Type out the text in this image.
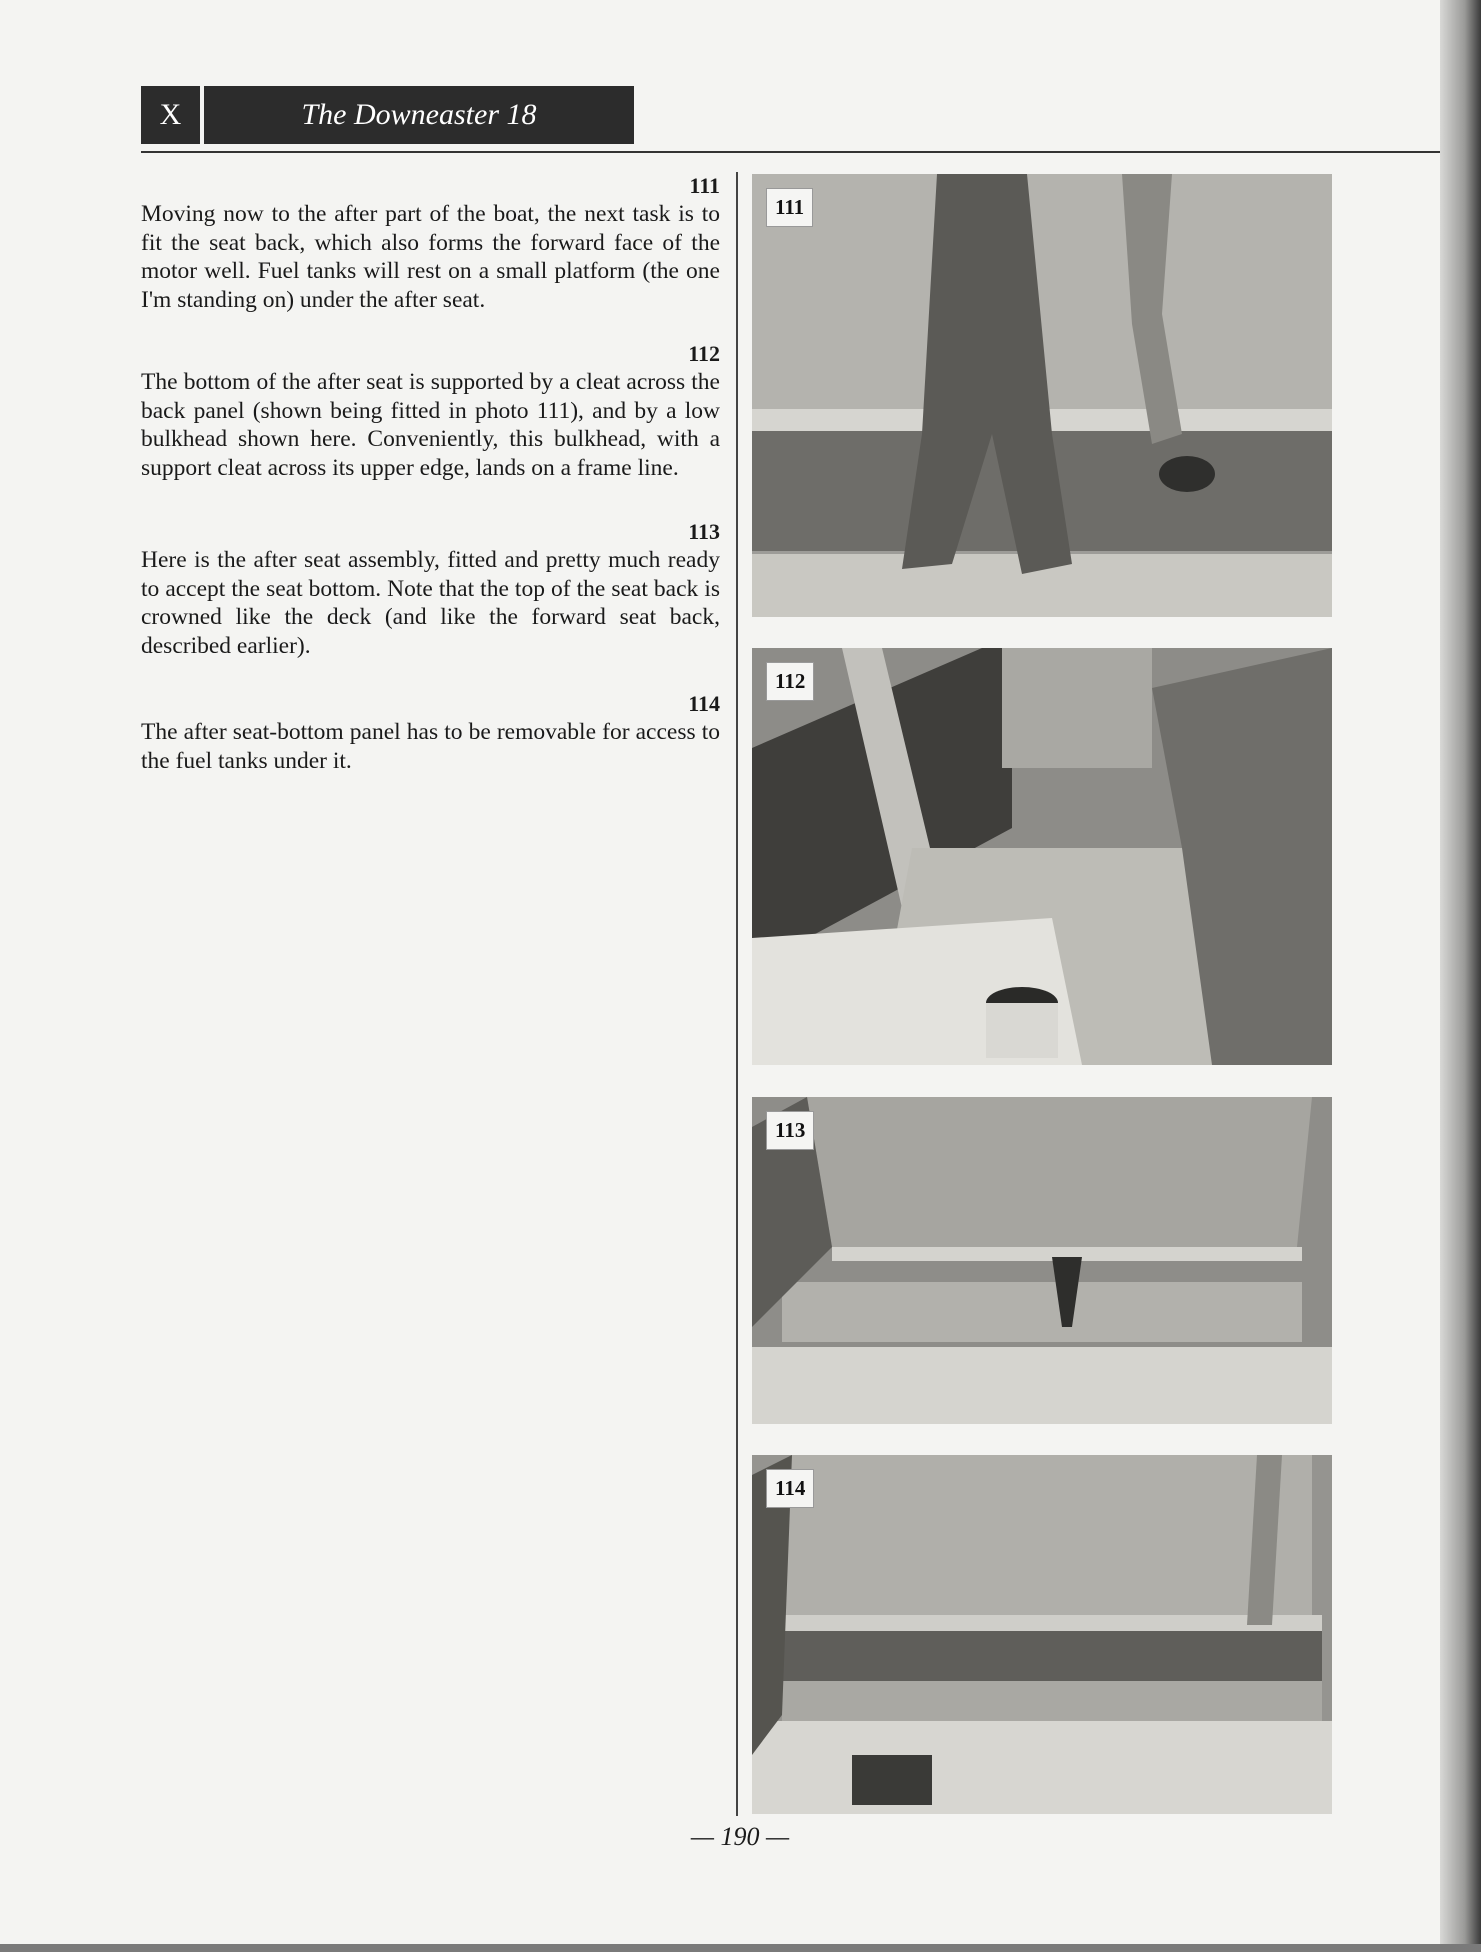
X	The Downeaster 18
111

Moving now to the after part of the boat, the next task is to fit the seat back, which also forms the forward face of the motor well. Fuel tanks will rest on a small platform (the one I'm standing on) under the after seat.

112

The bottom of the after seat is supported by a cleat across the back panel (shown being fitted in photo 111), and by a low bulkhead shown here. Conveniently, this bulkhead, with a support cleat across its upper edge, lands on a frame line.

113

Here is the after seat assembly, fitted and pretty much ready to accept the seat bottom. Note that the top of the seat back is crowned like the deck (and like the forward seat back, described earlier).

114

The after seat-bottom panel has to be removable for access to the fuel tanks under it.

111
112
113
114
— 190 —
